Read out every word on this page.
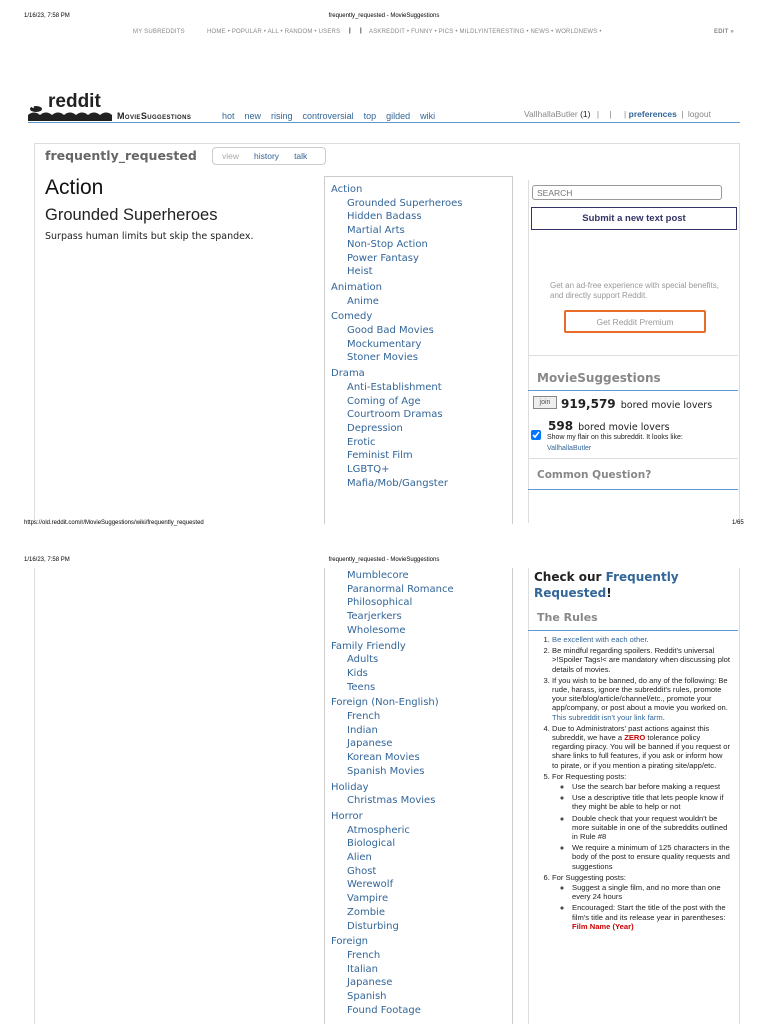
1/16/23, 7:58 PM	frequently_requested - MovieSuggestions
MY SUBREDDITS	HOME • POPULAR • ALL • RANDOM • USERS | | ASKREDDIT • FUNNY • PICS • MILDLYINTERESTING • NEWS • WORLDNEWS •	EDIT »
reddit
MovieSuggestions	hot new rising controversial top gilded wiki	VallhallaButler (1) | | | preferences | logout
frequently_requested	view history talk
Action
Grounded Superheroes
Surpass human limits but skip the spandex.
Action
Grounded Superheroes
Hidden Badass
Martial Arts
Non-Stop Action
Power Fantasy
Heist
Animation
Anime
Comedy
Good Bad Movies
Mockumentary
Stoner Movies
Drama
Anti-Establishment
Coming of Age
Courtroom Dramas
Depression
Erotic
Feminist Film
LGBTQ+
Mafia/Mob/Gangster
SEARCH
Submit a new text post
Get an ad-free experience with special benefits, and directly support Reddit.
Get Reddit Premium
MovieSuggestions
join 919,579 bored movie lovers
598 bored movie lovers
Show my flair on this subreddit. It looks like:
VallhallaButler
Common Question?
https://old.reddit.com/r/MovieSuggestions/wiki/frequently_requested	1/65
1/16/23, 7:58 PM	frequently_requested - MovieSuggestions
Mumblecore
Paranormal Romance
Philosophical
Tearjerkers
Wholesome
Family Friendly
Adults
Kids
Teens
Foreign (Non-English)
French
Indian
Japanese
Korean Movies
Spanish Movies
Holiday
Christmas Movies
Horror
Atmospheric
Biological
Alien
Ghost
Werewolf
Vampire
Zombie
Disturbing
Foreign
French
Italian
Japanese
Spanish
Found Footage
Check our Frequently Requested!
The Rules
1. Be excellent with each other.
2. Be mindful regarding spoilers. Reddit's universal >!Spoiler Tags!< are mandatory when discussing plot details of movies.
3. If you wish to be banned, do any of the following: Be rude, harass, ignore the subreddit's rules, promote your site/blog/article/channel/etc., promote your app/company, or post about a movie you worked on. This subreddit isn't your link farm.
4. Due to Administrators' past actions against this subreddit, we have a ZERO tolerance policy regarding piracy. You will be banned if you request or share links to full features, if you ask or inform how to pirate, or if you mention a pirating site/app/etc.
5. For Requesting posts:
◦ Use the search bar before making a request
◦ Use a descriptive title that lets people know if they might be able to help or not
◦ Double check that your request wouldn't be more suitable in one of the subreddits outlined in Rule #8
◦ We require a minimum of 125 characters in the body of the post to ensure quality requests and suggestions
6. For Suggesting posts:
◦ Suggest a single film, and no more than one every 24 hours
◦ Encouraged: Start the title of the post with the film's title and its release year in parentheses: Film Name (Year)
